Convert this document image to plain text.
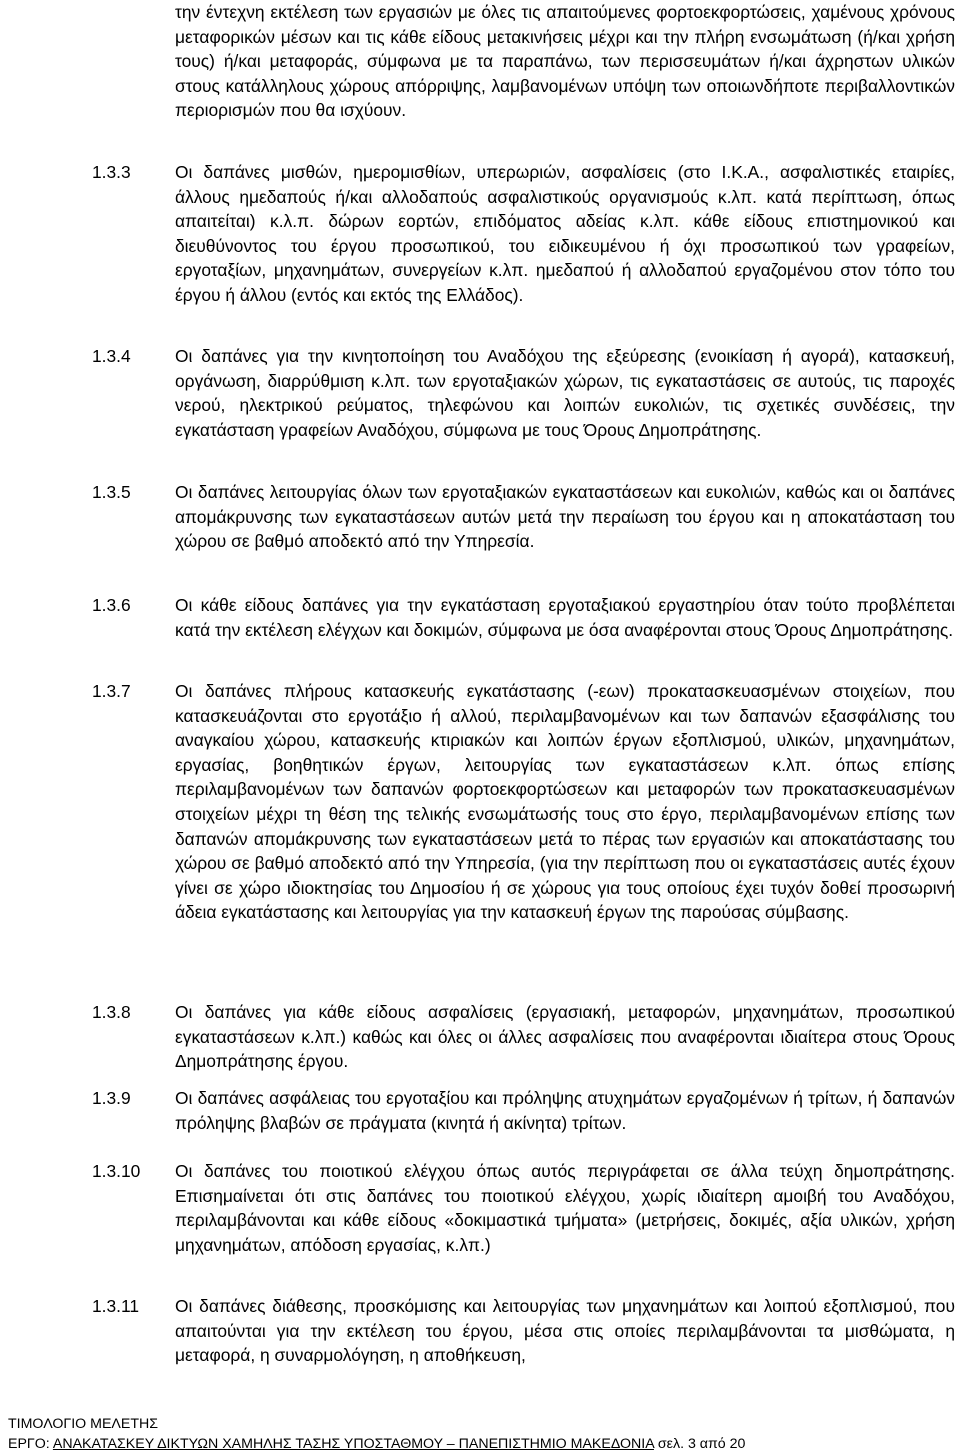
την έντεχνη εκτέλεση των εργασιών με όλες τις απαιτούμενες φορτοεκφορτώσεις, χαμένους χρόνους μεταφορικών μέσων και τις κάθε είδους μετακινήσεις μέχρι και την πλήρη ενσωμάτωση (ή/και χρήση τους) ή/και μεταφοράς, σύμφωνα με τα παραπάνω, των περισσευμάτων ή/και άχρηστων υλικών στους κατάλληλους χώρους απόρριψης, λαμβανομένων υπόψη των οποιωνδήποτε περιβαλλοντικών περιορισμών που θα ισχύουν.

1.3.3	Οι δαπάνες μισθών, ημερομισθίων, υπερωριών, ασφαλίσεις (στο Ι.Κ.Α., ασφαλιστικές εταιρίες, άλλους ημεδαπούς ή/και αλλοδαπούς ασφαλιστικούς οργανισμούς κ.λπ. κατά περίπτωση, όπως απαιτείται) κ.λ.π. δώρων εορτών, επιδόματος αδείας κ.λπ. κάθε είδους επιστημονικού και διευθύνοντος του έργου προσωπικού, του ειδικευμένου ή όχι προσωπικού των γραφείων, εργοταξίων, μηχανημάτων, συνεργείων κ.λπ. ημεδαπού ή αλλοδαπού εργαζομένου στον τόπο του έργου ή άλλου (εντός και εκτός της Ελλάδος).

1.3.4	Οι δαπάνες για την κινητοποίηση του Αναδόχου της εξεύρεσης (ενοικίαση ή αγορά), κατασκευή, οργάνωση, διαρρύθμιση κ.λπ. των εργοταξιακών χώρων, τις εγκαταστάσεις σε αυτούς, τις παροχές νερού, ηλεκτρικού ρεύματος, τηλεφώνου και λοιπών ευκολιών, τις σχετικές συνδέσεις, την εγκατάσταση γραφείων Αναδόχου, σύμφωνα με τους Όρους Δημοπράτησης.

1.3.5	Οι δαπάνες λειτουργίας όλων των εργοταξιακών εγκαταστάσεων και ευκολιών, καθώς και οι δαπάνες απομάκρυνσης των εγκαταστάσεων αυτών μετά την περαίωση του έργου και η αποκατάσταση του χώρου σε βαθμό αποδεκτό από την Υπηρεσία.

1.3.6	Οι κάθε είδους δαπάνες για την εγκατάσταση εργοταξιακού εργαστηρίου όταν τούτο προβλέπεται κατά την εκτέλεση ελέγχων και δοκιμών, σύμφωνα με όσα αναφέρονται στους Όρους Δημοπράτησης.

1.3.7	Οι δαπάνες πλήρους κατασκευής εγκατάστασης (-εων) προκατασκευασμένων στοιχείων, που κατασκευάζονται στο εργοτάξιο ή αλλού, περιλαμβανομένων και των δαπανών εξασφάλισης του αναγκαίου χώρου, κατασκευής κτιριακών και λοιπών έργων εξοπλισμού, υλικών, μηχανημάτων, εργασίας, βοηθητικών έργων, λειτουργίας των εγκαταστάσεων κ.λπ. όπως επίσης περιλαμβανομένων των δαπανών φορτοεκφορτώσεων και μεταφορών των προκατασκευασμένων στοιχείων μέχρι τη θέση της τελικής ενσωμάτωσής τους στο έργο, περιλαμβανομένων επίσης των δαπανών απομάκρυνσης των εγκαταστάσεων μετά το πέρας των εργασιών και αποκατάστασης του χώρου σε βαθμό αποδεκτό από την Υπηρεσία, (για την περίπτωση που οι εγκαταστάσεις αυτές έχουν γίνει σε χώρο ιδιοκτησίας του Δημοσίου ή σε χώρους για τους οποίους έχει τυχόν δοθεί προσωρινή άδεια εγκατάστασης και λειτουργίας για την κατασκευή έργων της παρούσας σύμβασης.

1.3.8	Οι δαπάνες για κάθε είδους ασφαλίσεις (εργασιακή, μεταφορών, μηχανημάτων, προσωπικού εγκαταστάσεων κ.λπ.) καθώς και όλες οι άλλες ασφαλίσεις που αναφέρονται ιδιαίτερα στους Όρους Δημοπράτησης έργου.

1.3.9	Οι δαπάνες ασφάλειας του εργοταξίου και πρόληψης ατυχημάτων εργαζομένων ή τρίτων, ή δαπανών πρόληψης βλαβών σε πράγματα (κινητά ή ακίνητα) τρίτων.

1.3.10 Οι δαπάνες του ποιοτικού ελέγχου όπως αυτός περιγράφεται σε άλλα τεύχη δημοπράτησης. Επισημαίνεται ότι στις δαπάνες του ποιοτικού ελέγχου, χωρίς ιδιαίτερη αμοιβή του Αναδόχου, περιλαμβάνονται και κάθε είδους «δοκιμαστικά τμήματα» (μετρήσεις, δοκιμές, αξία υλικών, χρήση μηχανημάτων, απόδοση εργασίας, κ.λπ.)

1.3.11 Οι δαπάνες διάθεσης, προσκόμισης και λειτουργίας των μηχανημάτων και λοιπού εξοπλισμού, που απαιτούνται για την εκτέλεση του έργου, μέσα στις οποίες περιλαμβάνονται τα μισθώματα, η μεταφορά, η συναρμολόγηση, η αποθήκευση,

ΤΙΜΟΛΟΓΙΟ ΜΕΛΕΤΗΣ
ΕΡΓΟ: ΑΝΑΚΑΤΑΣΚΕΥ ΔΙΚΤΥΩΝ ΧΑΜΗΛΗΣ ΤΑΣΗΣ ΥΠΟΣΤΑΘΜΟΥ – ΠΑΝΕΠΙΣΤΗΜΙΟ ΜΑΚΕΔΟΝΙΑ σελ. 3 από 20
